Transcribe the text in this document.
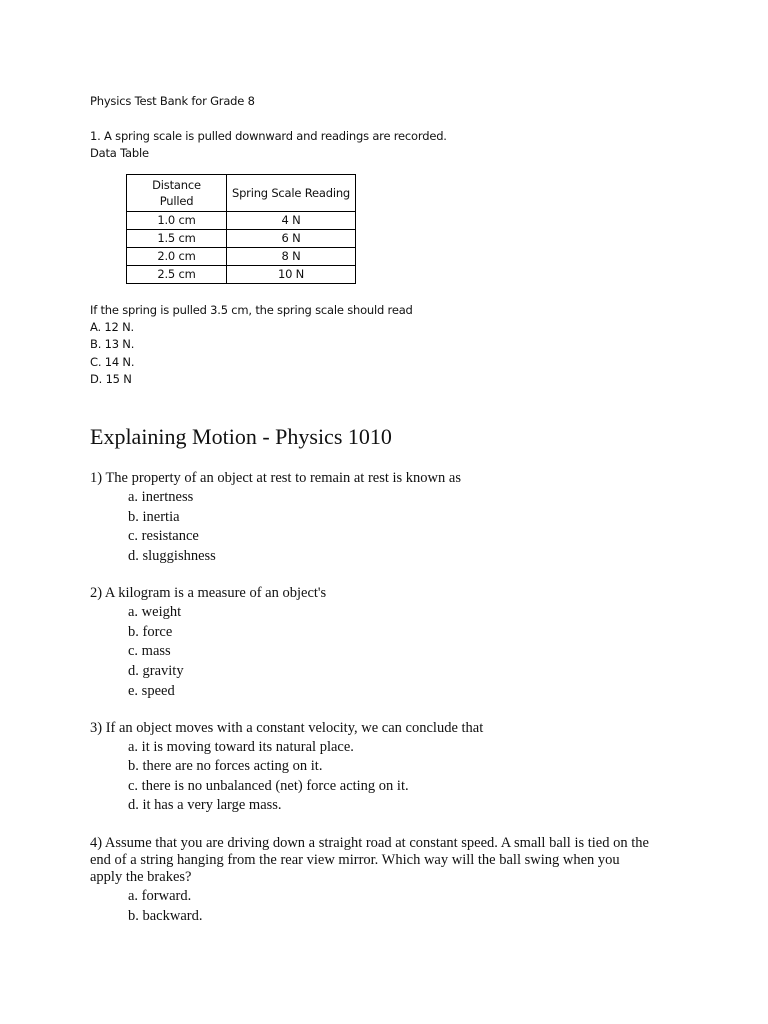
Physics Test Bank for Grade 8
1. A spring scale is pulled downward and readings are recorded.
Data Table
Distance
Pulled	Spring Scale Reading
1.0 cm	4 N
1.5 cm	6 N
2.0 cm	8 N
2.5 cm	10 N
If the spring is pulled 3.5 cm, the spring scale should read
A. 12 N.
B. 13 N.
C. 14 N.
D. 15 N
Explaining Motion - Physics 1010
1) The property of an object at rest to remain at rest is known as
a. inertness
b. inertia
c. resistance
d. sluggishness
2) A kilogram is a measure of an object's
a. weight
b. force
c. mass
d. gravity
e. speed
3) If an object moves with a constant velocity, we can conclude that
a. it is moving toward its natural place.
b. there are no forces acting on it.
c. there is no unbalanced (net) force acting on it.
d. it has a very large mass.
4) Assume that you are driving down a straight road at constant speed. A small ball is tied on the
end of a string hanging from the rear view mirror. Which way will the ball swing when you
apply the brakes?
a. forward.
b. backward.
